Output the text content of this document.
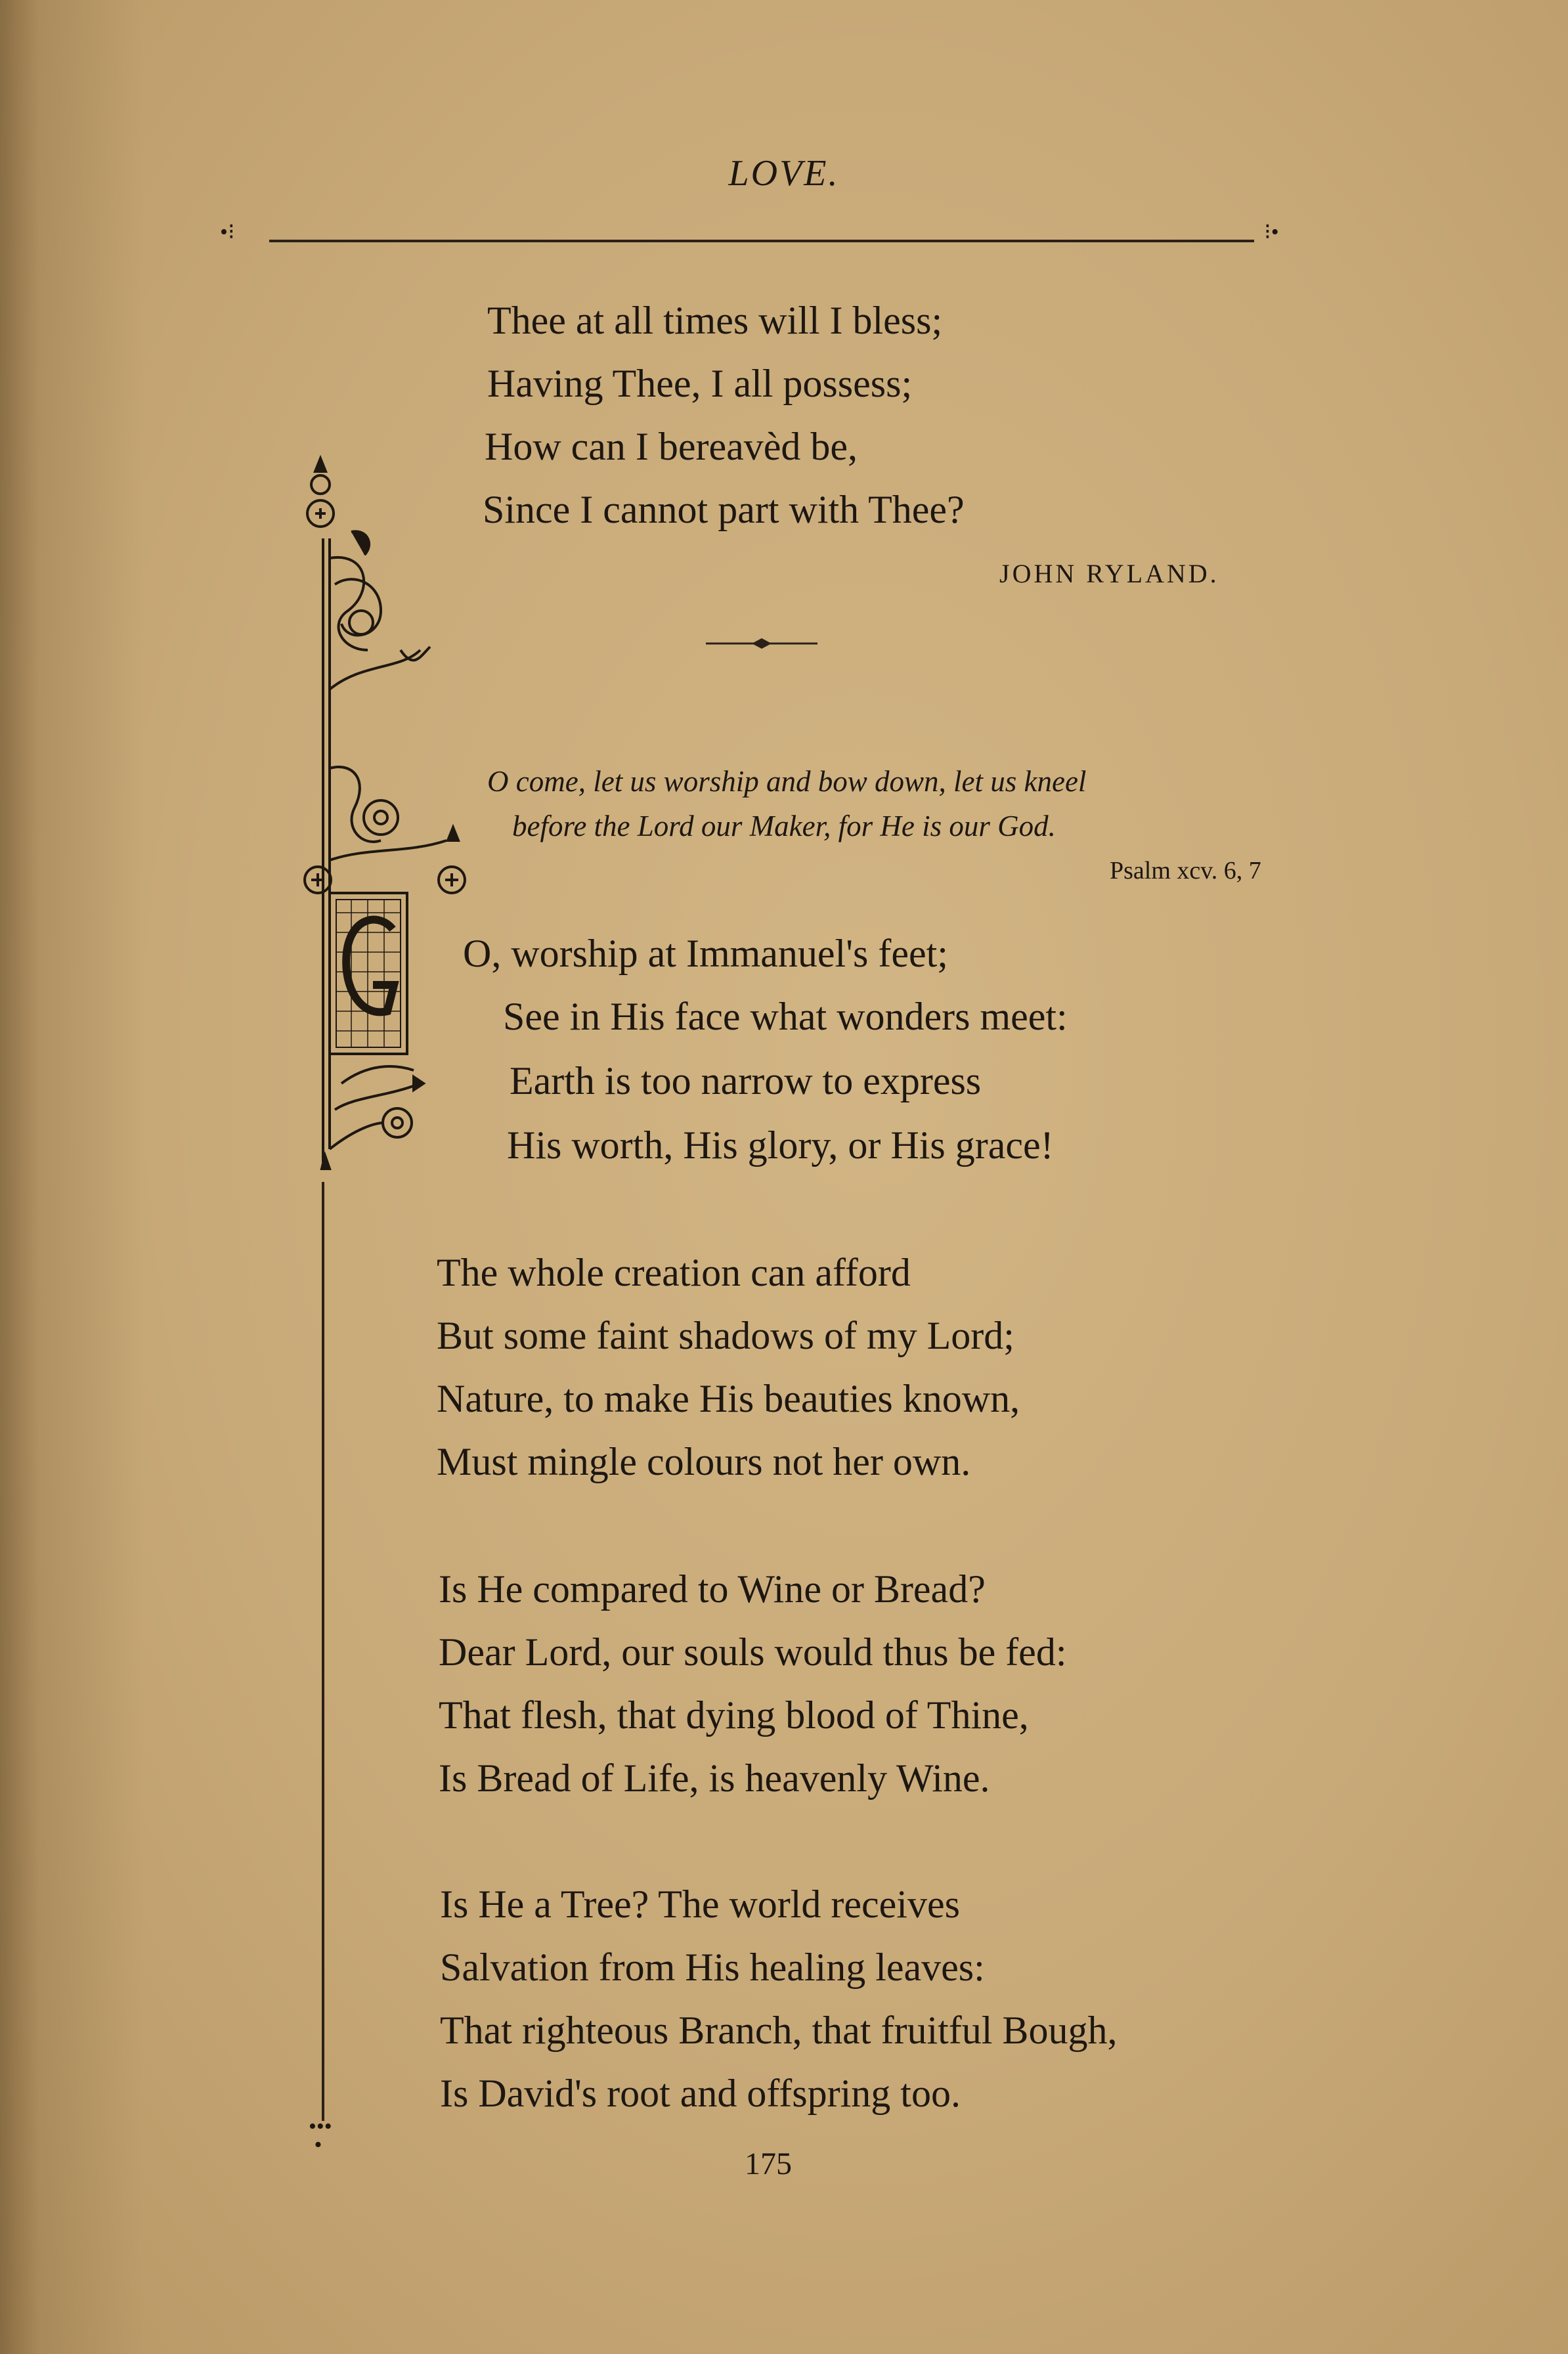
LOVE.
•⁝	⁝•
Thee at all times will I bless;
Having Thee, I all possess;
How can I bereavèd be,
Since I cannot part with Thee?
JOHN RYLAND.
O come, let us worship and bow down, let us kneel
before the Lord our Maker, for He is our God.
Psalm xcv. 6, 7
O, worship at Immanuel's feet;
See in His face what wonders meet:
Earth is too narrow to express
His worth, His glory, or His grace!
The whole creation can afford
But some faint shadows of my Lord;
Nature, to make His beauties known,
Must mingle colours not her own.
Is He compared to Wine or Bread?
Dear Lord, our souls would thus be fed:
That flesh, that dying blood of Thine,
Is Bread of Life, is heavenly Wine.
Is He a Tree? The world receives
Salvation from His healing leaves:
That righteous Branch, that fruitful Bough,
Is David's root and offspring too.
•••
•
175
